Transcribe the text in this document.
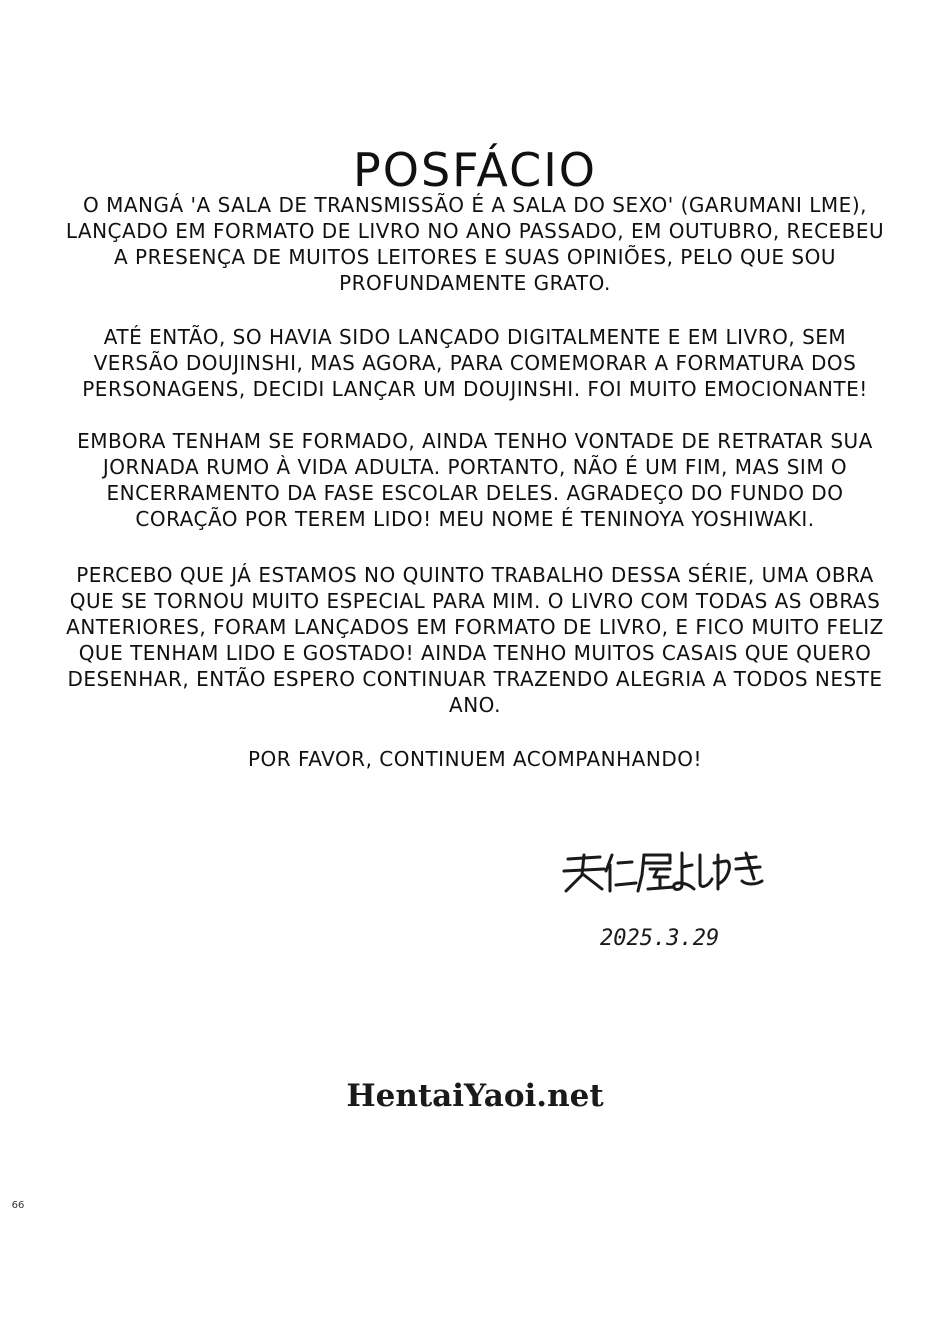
POSFÁCIO

O MANGÁ 'A SALA DE TRANSMISSÃO É A SALA DO SEXO' (GARUMANI LME), LANÇADO EM FORMATO DE LIVRO NO ANO PASSADO, EM OUTUBRO, RECEBEU A PRESENÇA DE MUITOS LEITORES E SUAS OPINIÕES, PELO QUE SOU PROFUNDAMENTE GRATO.

ATÉ ENTÃO, SO HAVIA SIDO LANÇADO DIGITALMENTE E EM LIVRO, SEM VERSÃO DOUJINSHI, MAS AGORA, PARA COMEMORAR A FORMATURA DOS PERSONAGENS, DECIDI LANÇAR UM DOUJINSHI. FOI MUITO EMOCIONANTE!

EMBORA TENHAM SE FORMADO, AINDA TENHO VONTADE DE RETRATAR SUA JORNADA RUMO À VIDA ADULTA. PORTANTO, NÃO É UM FIM, MAS SIM O ENCERRAMENTO DA FASE ESCOLAR DELES. AGRADEÇO DO FUNDO DO CORAÇÃO POR TEREM LIDO! MEU NOME É TENINOYA YOSHIWAKI.

PERCEBO QUE JÁ ESTAMOS NO QUINTO TRABALHO DESSA SÉRIE, UMA OBRA QUE SE TORNOU MUITO ESPECIAL PARA MIM. O LIVRO COM TODAS AS OBRAS ANTERIORES, FORAM LANÇADOS EM FORMATO DE LIVRO, E FICO MUITO FELIZ QUE TENHAM LIDO E GOSTADO! AINDA TENHO MUITOS CASAIS QUE QUERO DESENHAR, ENTÃO ESPERO CONTINUAR TRAZENDO ALEGRIA A TODOS NESTE ANO.

POR FAVOR, CONTINUEM ACOMPANHANDO!

2025.3.29
HentaiYaoi.net
66
